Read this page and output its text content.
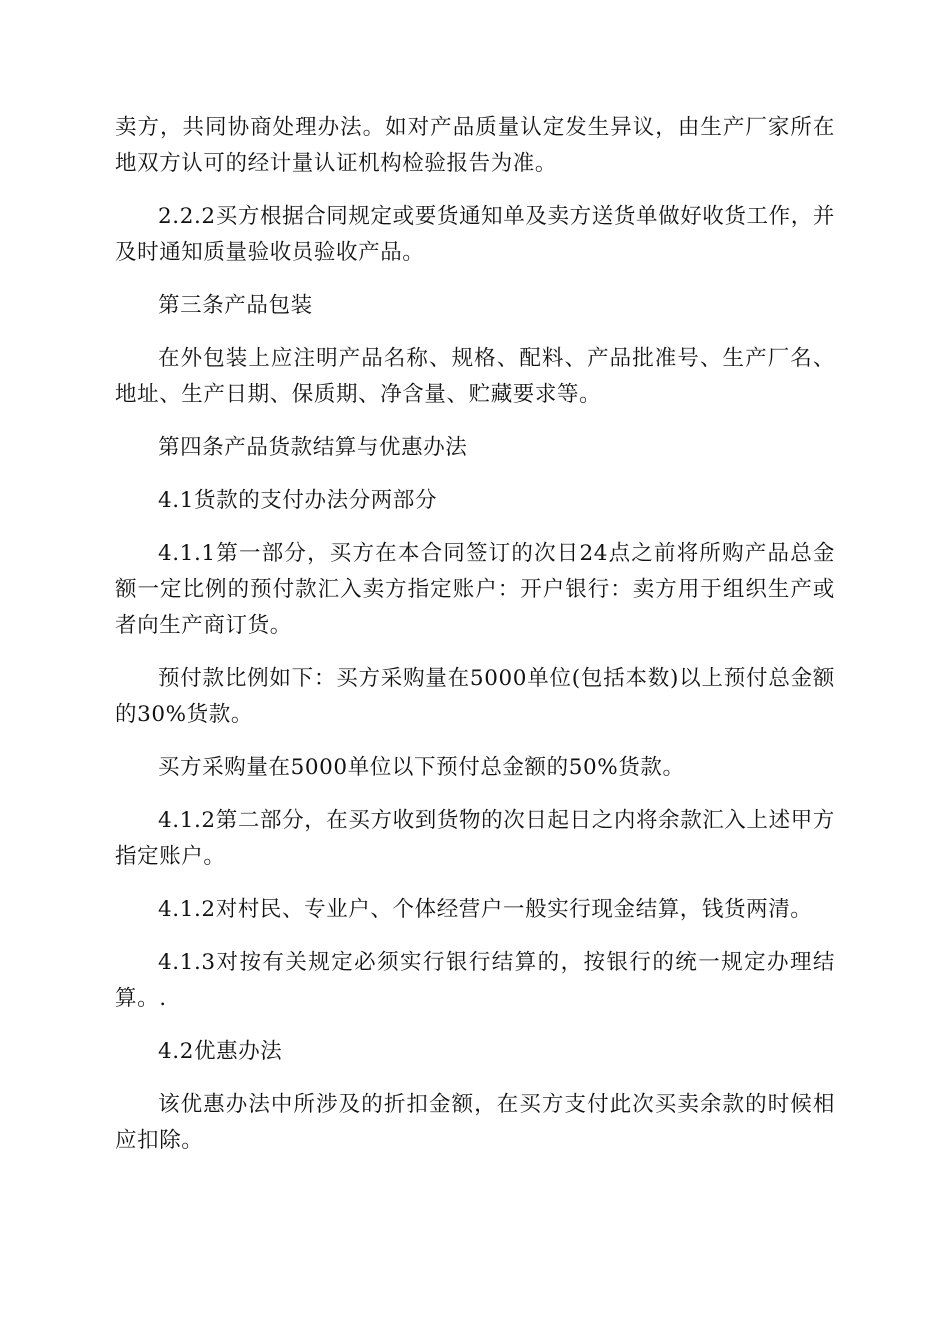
卖方，共同协商处理办法。如对产品质量认定发生异议，由生产厂家所在地双方认可的经计量认证机构检验报告为准。

2.2.2买方根据合同规定或要货通知单及卖方送货单做好收货工作，并及时通知质量验收员验收产品。

第三条产品包装

在外包装上应注明产品名称、规格、配料、产品批准号、生产厂名、地址、生产日期、保质期、净含量、贮藏要求等。

第四条产品货款结算与优惠办法

4.1货款的支付办法分两部分

4.1.1第一部分，买方在本合同签订的次日24点之前将所购产品总金额一定比例的预付款汇入卖方指定账户：开户银行：卖方用于组织生产或者向生产商订货。

预付款比例如下：买方采购量在5000单位(包括本数)以上预付总金额的30%货款。

买方采购量在5000单位以下预付总金额的50%货款。

4.1.2第二部分，在买方收到货物的次日起日之内将余款汇入上述甲方指定账户。

4.1.2对村民、专业户、个体经营户一般实行现金结算，钱货两清。

4.1.3对按有关规定必须实行银行结算的，按银行的统一规定办理结算。.

4.2优惠办法

该优惠办法中所涉及的折扣金额，在买方支付此次买卖余款的时候相应扣除。
